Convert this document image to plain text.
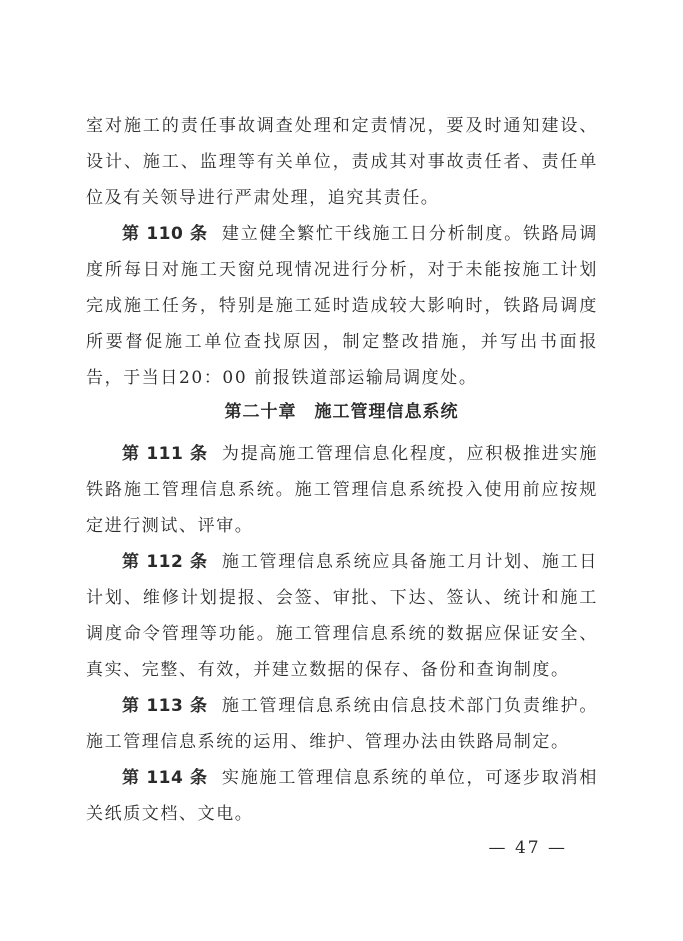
室对施工的责任事故调查处理和定责情况，要及时通知建设、设计、施工、监理等有关单位，责成其对事故责任者、责任单位及有关领导进行严肃处理，追究其责任。

第 110 条 建立健全繁忙干线施工日分析制度。铁路局调度所每日对施工天窗兑现情况进行分析，对于未能按施工计划完成施工任务，特别是施工延时造成较大影响时，铁路局调度所要督促施工单位查找原因，制定整改措施，并写出书面报告，于当日20：00 前报铁道部运输局调度处。

第二十章　施工管理信息系统

第 111 条 为提高施工管理信息化程度，应积极推进实施铁路施工管理信息系统。施工管理信息系统投入使用前应按规定进行测试、评审。

第 112 条 施工管理信息系统应具备施工月计划、施工日计划、维修计划提报、会签、审批、下达、签认、统计和施工调度命令管理等功能。施工管理信息系统的数据应保证安全、真实、完整、有效，并建立数据的保存、备份和查询制度。

第 113 条 施工管理信息系统由信息技术部门负责维护。施工管理信息系统的运用、维护、管理办法由铁路局制定。

第 114 条 实施施工管理信息系统的单位，可逐步取消相关纸质文档、文电。

— 47 —
